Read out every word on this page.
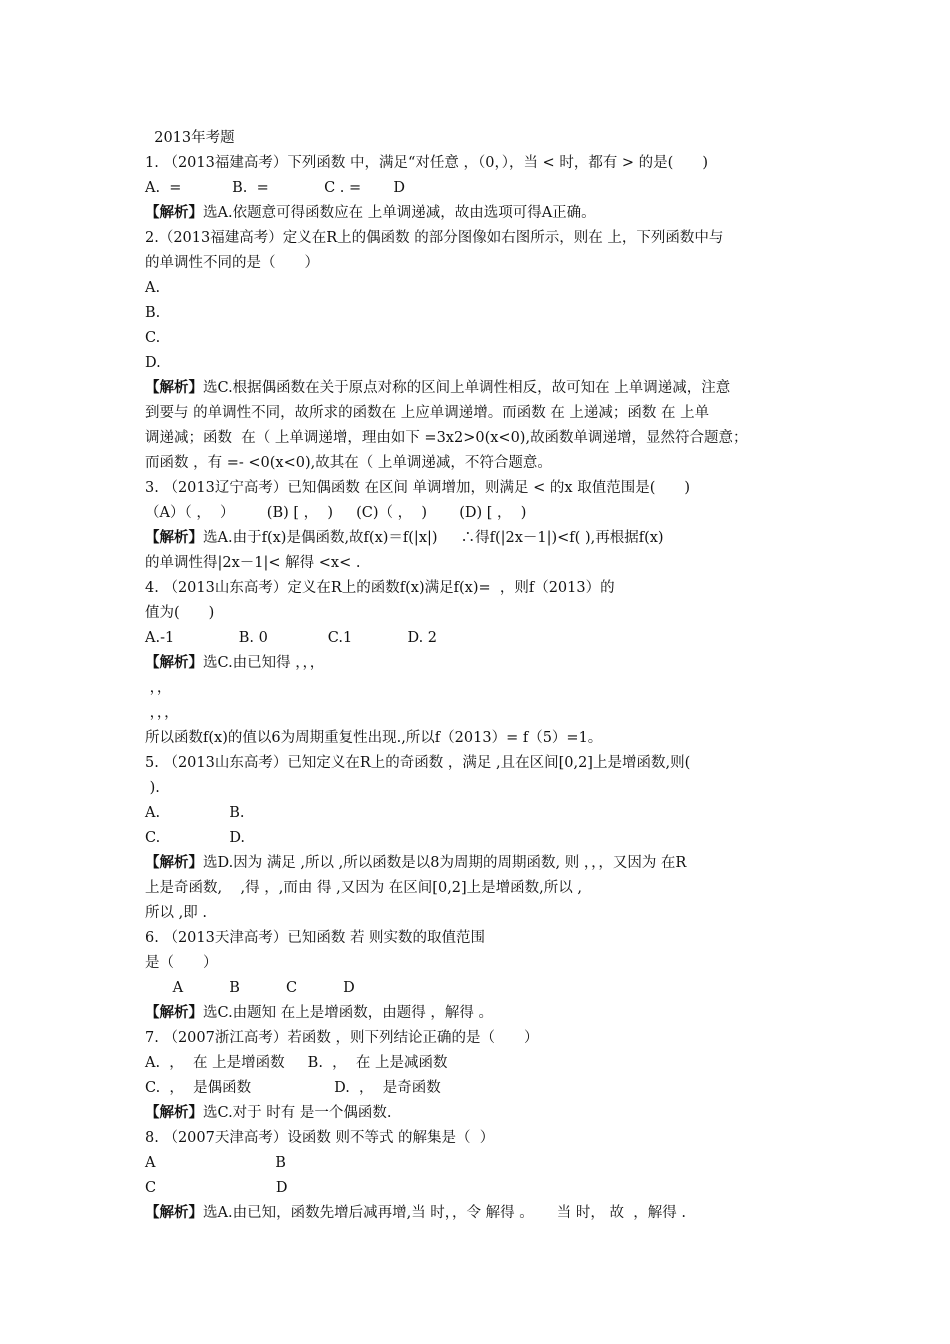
2013年考题
1. （2013福建高考）下列函数 中，满足“对任意 ，（0，），当 < 时，都有 > 的是(　　)
A.  =           B.  =            C . =       D
【解析】选A.依题意可得函数应在 上单调递减，故由选项可得A正确。
2.（2013福建高考）定义在R上的偶函数 的部分图像如右图所示，则在 上，下列函数中与
的单调性不同的是（　　）
A.
B.
C.
D.
【解析】选C.根据偶函数在关于原点对称的区间上单调性相反，故可知在 上单调递减，注意
到要与 的单调性不同，故所求的函数在 上应单调递增。而函数 在 上递减；函数 在 上单
调递减；函数  在（ 上单调递增，理由如下 =3x2>0(x<0),故函数单调递增，显然符合题意；
而函数 ，有 =- <0(x<0),故其在（ 上单调递减，不符合题意。
3. （2013辽宁高考）已知偶函数 在区间 单调增加，则满足 < 的x 取值范围是(　　)
（A）（ ，  ）       (B) [ ，  )     (C)（ ，  )       (D) [ ，  )
【解析】选A.由于f(x)是偶函数,故f(x)＝f(|x|)     ∴得f(|2x－1|)<f( ),再根据f(x)
的单调性得|2x－1|< 解得 <x< .
4. （2013山东高考）定义在R上的函数f(x)满足f(x)=  ，则f（2013）的
值为(　　)
A.-1              B. 0             C.1            D. 2
【解析】选C.由已知得 ，，，
，，
，，，
所以函数f(x)的值以6为周期重复性出现.,所以f（2013）= f（5）=1。
5. （2013山东高考）已知定义在R上的奇函数 ，满足 ,且在区间[0,2]上是增函数,则(
).
A.               B.
C.               D.
【解析】选D.因为 满足 ,所以 ,所以函数是以8为周期的周期函数, 则 ，，，又因为 在R
上是奇函数,    ,得 ，,而由 得 ,又因为 在区间[0,2]上是增函数,所以 ,
所以 ,即 .
6. （2013天津高考）已知函数 若 则实数的取值范围
是（　　）
A          B          C          D
【解析】选C.由题知 在上是增函数，由题得 ，解得 。
7. （2007浙江高考）若函数 ，则下列结论正确的是（　　）
A.  ，  在 上是增函数     B.  ，  在 上是减函数
C.  ，  是偶函数                  D.  ，  是奇函数
【解析】选C.对于 时有 是一个偶函数.
8. （2007天津高考）设函数 则不等式 的解集是（  ）
A                          B
C                          D
【解析】选A.由已知，函数先增后减再增,当 时，，令 解得 。     当 时， 故  ，解得 .
